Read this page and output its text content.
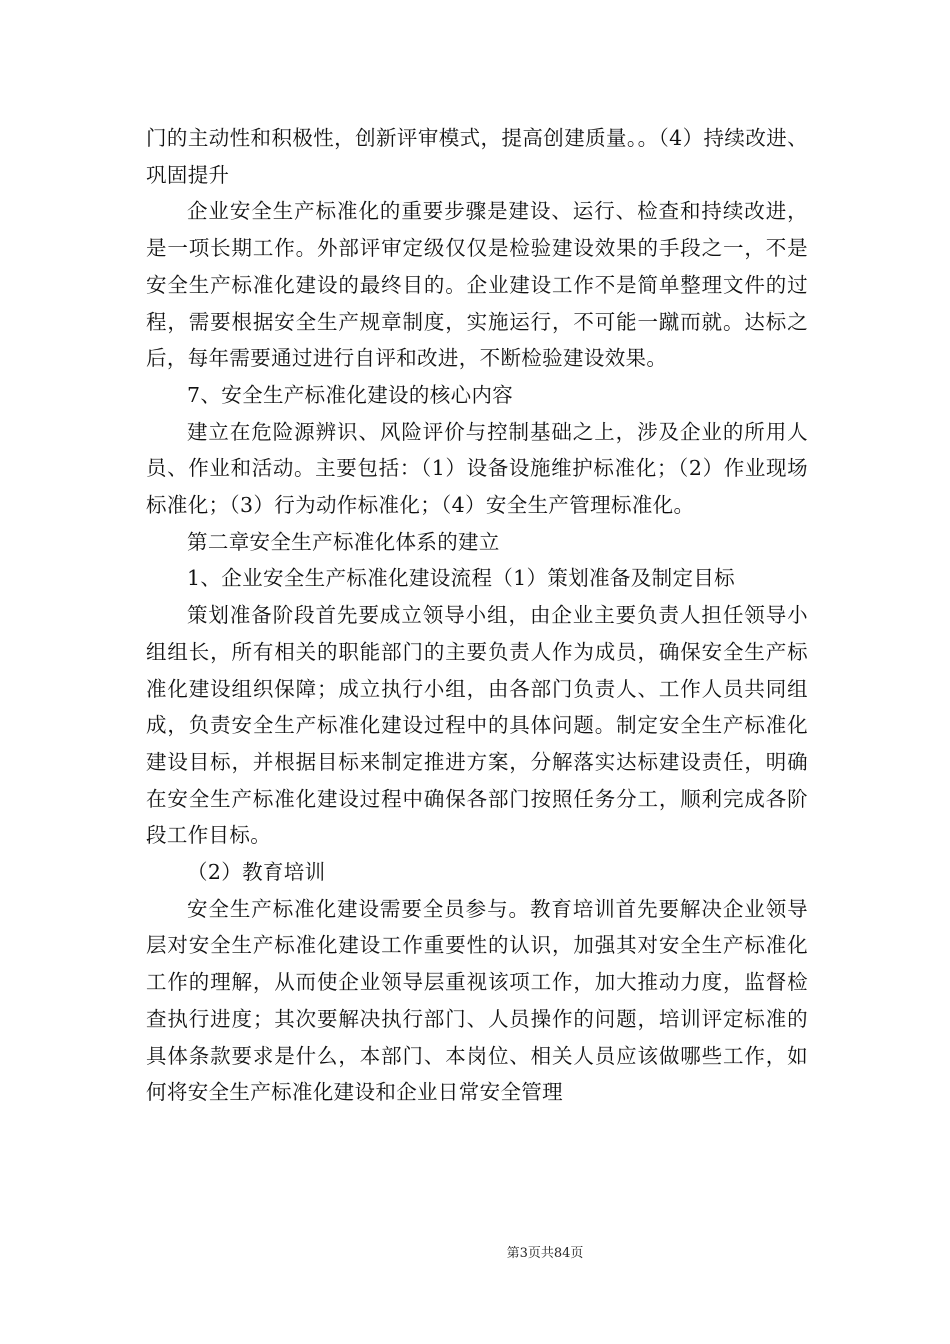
门的主动性和积极性，创新评审模式，提高创建质量。。（4）持续改进、巩固提升

企业安全生产标准化的重要步骤是建设、运行、检查和持续改进，是一项长期工作。外部评审定级仅仅是检验建设效果的手段之一，不是安全生产标准化建设的最终目的。企业建设工作不是简单整理文件的过程，需要根据安全生产规章制度，实施运行，不可能一蹴而就。达标之后，每年需要通过进行自评和改进，不断检验建设效果。

7、安全生产标准化建设的核心内容

建立在危险源辨识、风险评价与控制基础之上，涉及企业的所用人员、作业和活动。主要包括：（1）设备设施维护标准化；（2）作业现场标准化；（3）行为动作标准化；（4）安全生产管理标准化。

第二章安全生产标准化体系的建立

1、企业安全生产标准化建设流程（1）策划准备及制定目标

策划准备阶段首先要成立领导小组，由企业主要负责人担任领导小组组长，所有相关的职能部门的主要负责人作为成员，确保安全生产标准化建设组织保障；成立执行小组，由各部门负责人、工作人员共同组成，负责安全生产标准化建设过程中的具体问题。制定安全生产标准化建设目标，并根据目标来制定推进方案，分解落实达标建设责任，明确在安全生产标准化建设过程中确保各部门按照任务分工，顺利完成各阶段工作目标。

（2）教育培训

安全生产标准化建设需要全员参与。教育培训首先要解决企业领导层对安全生产标准化建设工作重要性的认识，加强其对安全生产标准化工作的理解，从而使企业领导层重视该项工作，加大推动力度，监督检查执行进度；其次要解决执行部门、人员操作的问题，培训评定标准的具体条款要求是什么，本部门、本岗位、相关人员应该做哪些工作，如何将安全生产标准化建设和企业日常安全管理

第3页共84页
